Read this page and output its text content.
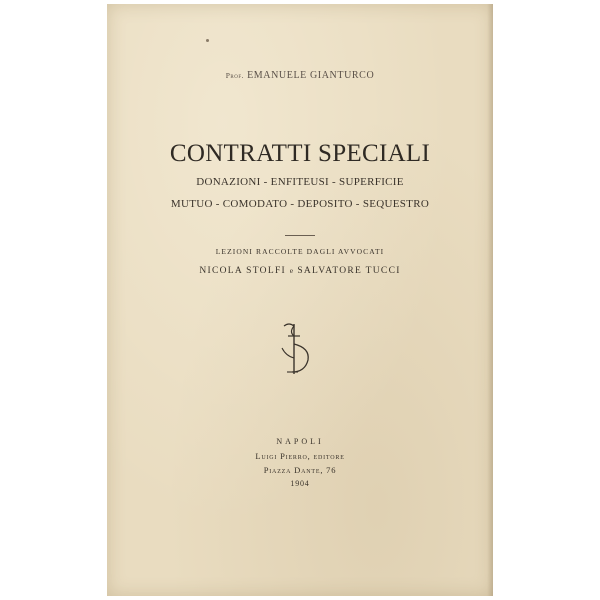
Prof. EMANUELE GIANTURCO
CONTRATTI SPECIALI
DONAZIONI - ENFITEUSI - SUPERFICIE
MUTUO - COMODATO - DEPOSITO - SEQUESTRO
LEZIONI RACCOLTE DAGLI AVVOCATI
NICOLA STOLFI e SALVATORE TUCCI
NAPOLI
Luigi Pierro, editore
Piazza Dante, 76
1904
